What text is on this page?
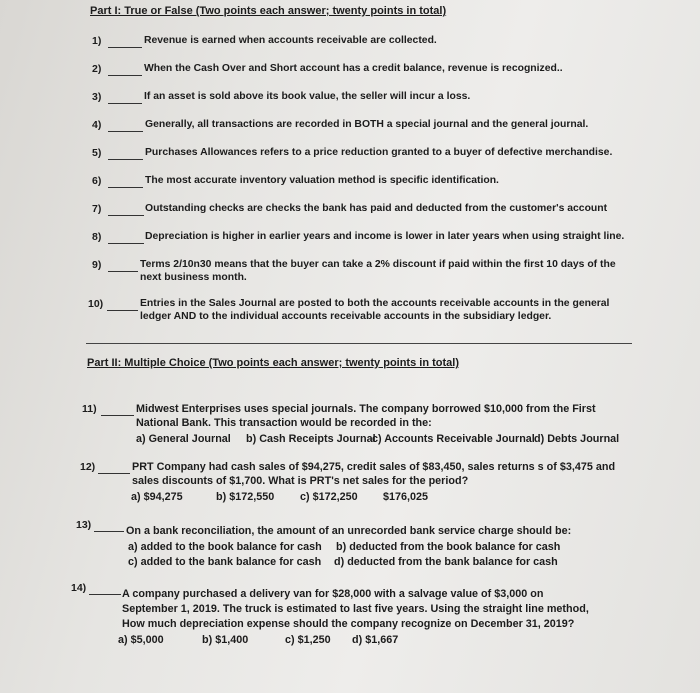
Part I: True or False (Two points each answer; twenty points in total)
1)	Revenue is earned when accounts receivable are collected.
2)	When the Cash Over and Short account has a credit balance, revenue is recognized..
3)	If an asset is sold above its book value, the seller will incur a loss.
4)	Generally, all transactions are recorded in BOTH a special journal and the general journal.
5)	Purchases Allowances refers to a price reduction granted to a buyer of defective merchandise.
6)	The most accurate inventory valuation method is specific identification.
7)	Outstanding checks are checks the bank has paid and deducted from the customer's account
8)	Depreciation is higher in earlier years and income is lower in later years when using straight line.
9)	Terms 2/10n30 means that the buyer can take a 2% discount if paid within the first 10 days of the
next business month.
10)	Entries in the Sales Journal are posted to both the accounts receivable accounts in the general
ledger AND to the individual accounts receivable accounts in the subsidiary ledger.
Part II: Multiple Choice (Two points each answer; twenty points in total)
11)	Midwest Enterprises uses special journals. The company borrowed $10,000 from the First
National Bank. This transaction would be recorded in the:
a) General Journal b) Cash Receipts Journal
c) Accounts Receivable Journal d) Debts Journal
12)	PRT Company had cash sales of $94,275, credit sales of $83,450, sales returns s of $3,475 and
sales discounts of $1,700. What is PRT's net sales for the period?
a) $94,275	b) $172,550 c) $172,250 $176,025
13)	On a bank reconciliation, the amount of an unrecorded bank service charge should be:
a) added to the book balance for cash b) deducted from the book balance for cash
c) added to the bank balance for cash d) deducted from the bank balance for cash
14)	A company purchased a delivery van for $28,000 with a salvage value of $3,000 on
September 1, 2019. The truck is estimated to last five years. Using the straight line method,
How much depreciation expense should the company recognize on December 31, 2019?
a) $5,000	b) $1,400	c) $1,250 d) $1,667
